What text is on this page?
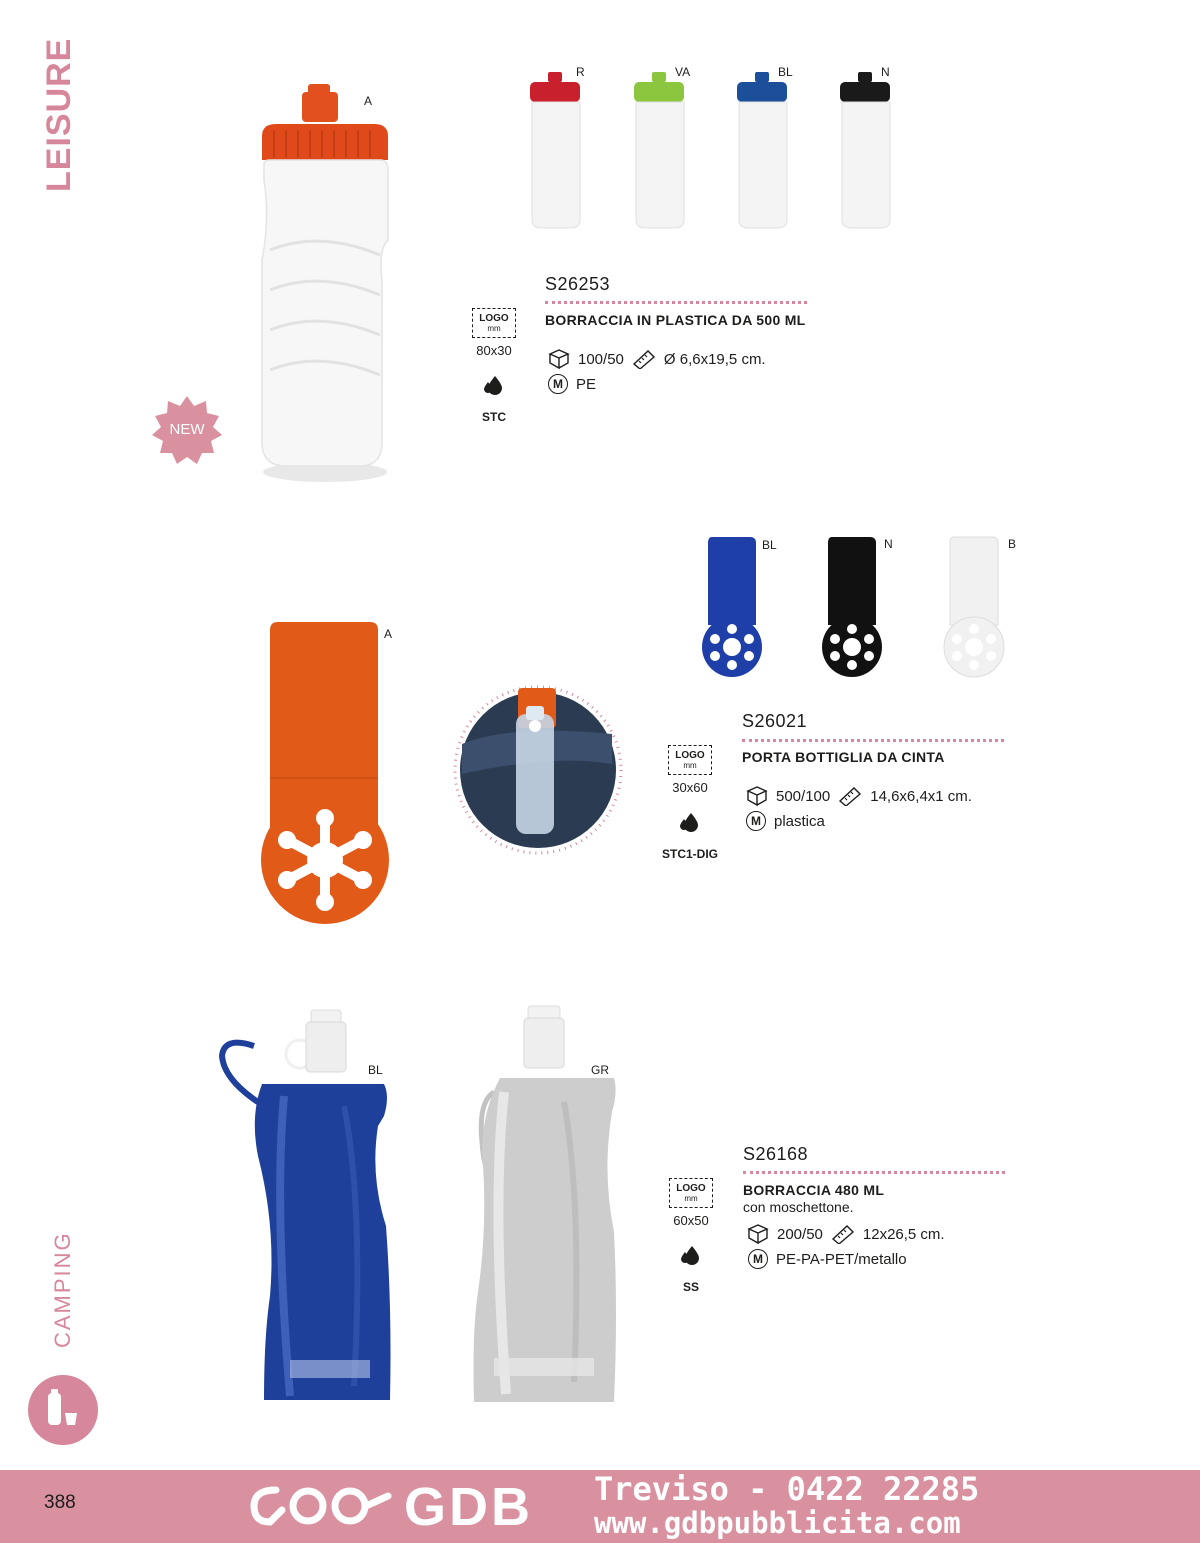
LEISURE
CAMPING
A
NEW
R	VA	BL	N
LOGO
mm
80x30
STC
S26253
BORRACCIA IN PLASTICA DA 500 ML
100/50	Ø 6,6x19,5 cm.
M PE
A
BL	N	B
LOGO
mm
30x60
STC1-DIG
S26021
PORTA BOTTIGLIA DA CINTA
500/100	14,6x6,4x1 cm.
M plastica
BL	GR
LOGO
mm
60x50
SS
S26168
BORRACCIA 480 ML
con moschettone.
200/50	12x26,5 cm.
M PE-PA-PET/metallo
388	GDB Treviso - 0422 22285
www.gdbpubblicita.com
